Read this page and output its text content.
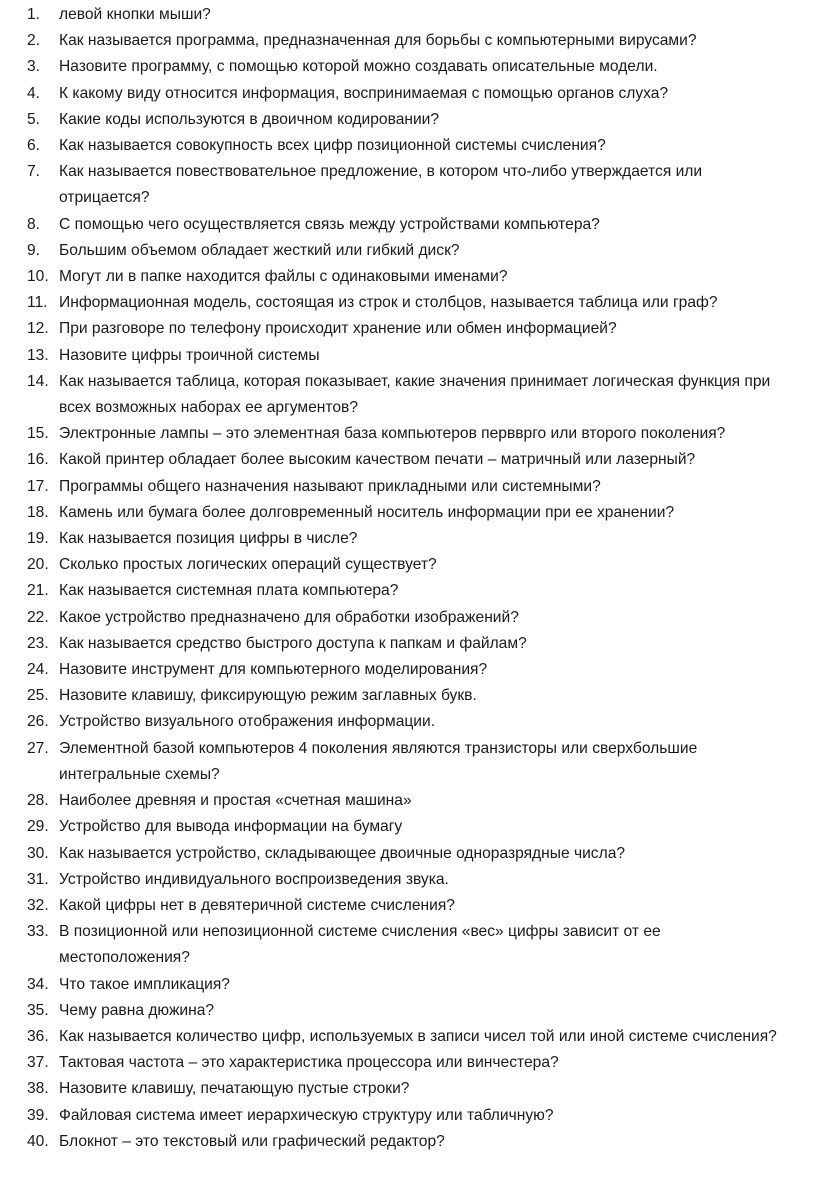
1. левой кнопки мыши?
2. Как называется программа, предназначенная для борьбы с компьютерными вирусами?
3. Назовите программу, с помощью которой можно создавать описательные модели.
4. К какому виду относится информация, воспринимаемая с помощью органов слуха?
5. Какие коды используются в двоичном кодировании?
6. Как называется совокупность всех цифр позиционной системы счисления?
7. Как называется повествовательное предложение, в котором что-либо утверждается или отрицается?
8. С помощью чего осуществляется связь между устройствами компьютера?
9. Большим объемом обладает жесткий или гибкий диск?
10. Могут ли в папке находится файлы с одинаковыми именами?
11. Информационная модель, состоящая из строк и столбцов, называется таблица или граф?
12. При разговоре по телефону происходит хранение или обмен информацией?
13. Назовите цифры троичной системы
14. Как называется таблица, которая показывает, какие значения принимает логическая функция при всех возможных наборах ее аргументов?
15. Электронные лампы – это элементная база компьютеров первврго или второго поколения?
16. Какой принтер обладает более высоким качеством печати – матричный или лазерный?
17. Программы общего назначения называют прикладными или системными?
18. Камень или бумага более долговременный носитель информации при ее хранении?
19. Как называется позиция цифры в числе?
20. Сколько простых логических операций существует?
21. Как называется системная плата компьютера?
22. Какое устройство предназначено для обработки изображений?
23. Как называется средство быстрого доступа к папкам и файлам?
24. Назовите инструмент для компьютерного моделирования?
25. Назовите клавишу, фиксирующую режим заглавных букв.
26. Устройство визуального отображения информации.
27. Элементной базой компьютеров 4 поколения являются транзисторы или сверхбольшие интегральные схемы?
28. Наиболее древняя и простая «счетная машина»
29. Устройство для вывода информации на бумагу
30. Как называется устройство, складывающее двоичные одноразрядные числа?
31. Устройство индивидуального воспроизведения звука.
32. Какой цифры нет в девятеричной системе счисления?
33. В позиционной или непозиционной системе счисления «вес» цифры зависит от ее местоположения?
34. Что такое импликация?
35. Чему равна дюжина?
36. Как называется количество цифр, используемых в записи чисел той или иной системе счисления?
37. Тактовая частота – это характеристика процессора или винчестера?
38. Назовите клавишу, печатающую пустые строки?
39. Файловая система имеет иерархическую структуру или табличную?
40. Блокнот – это текстовый или графический редактор?
